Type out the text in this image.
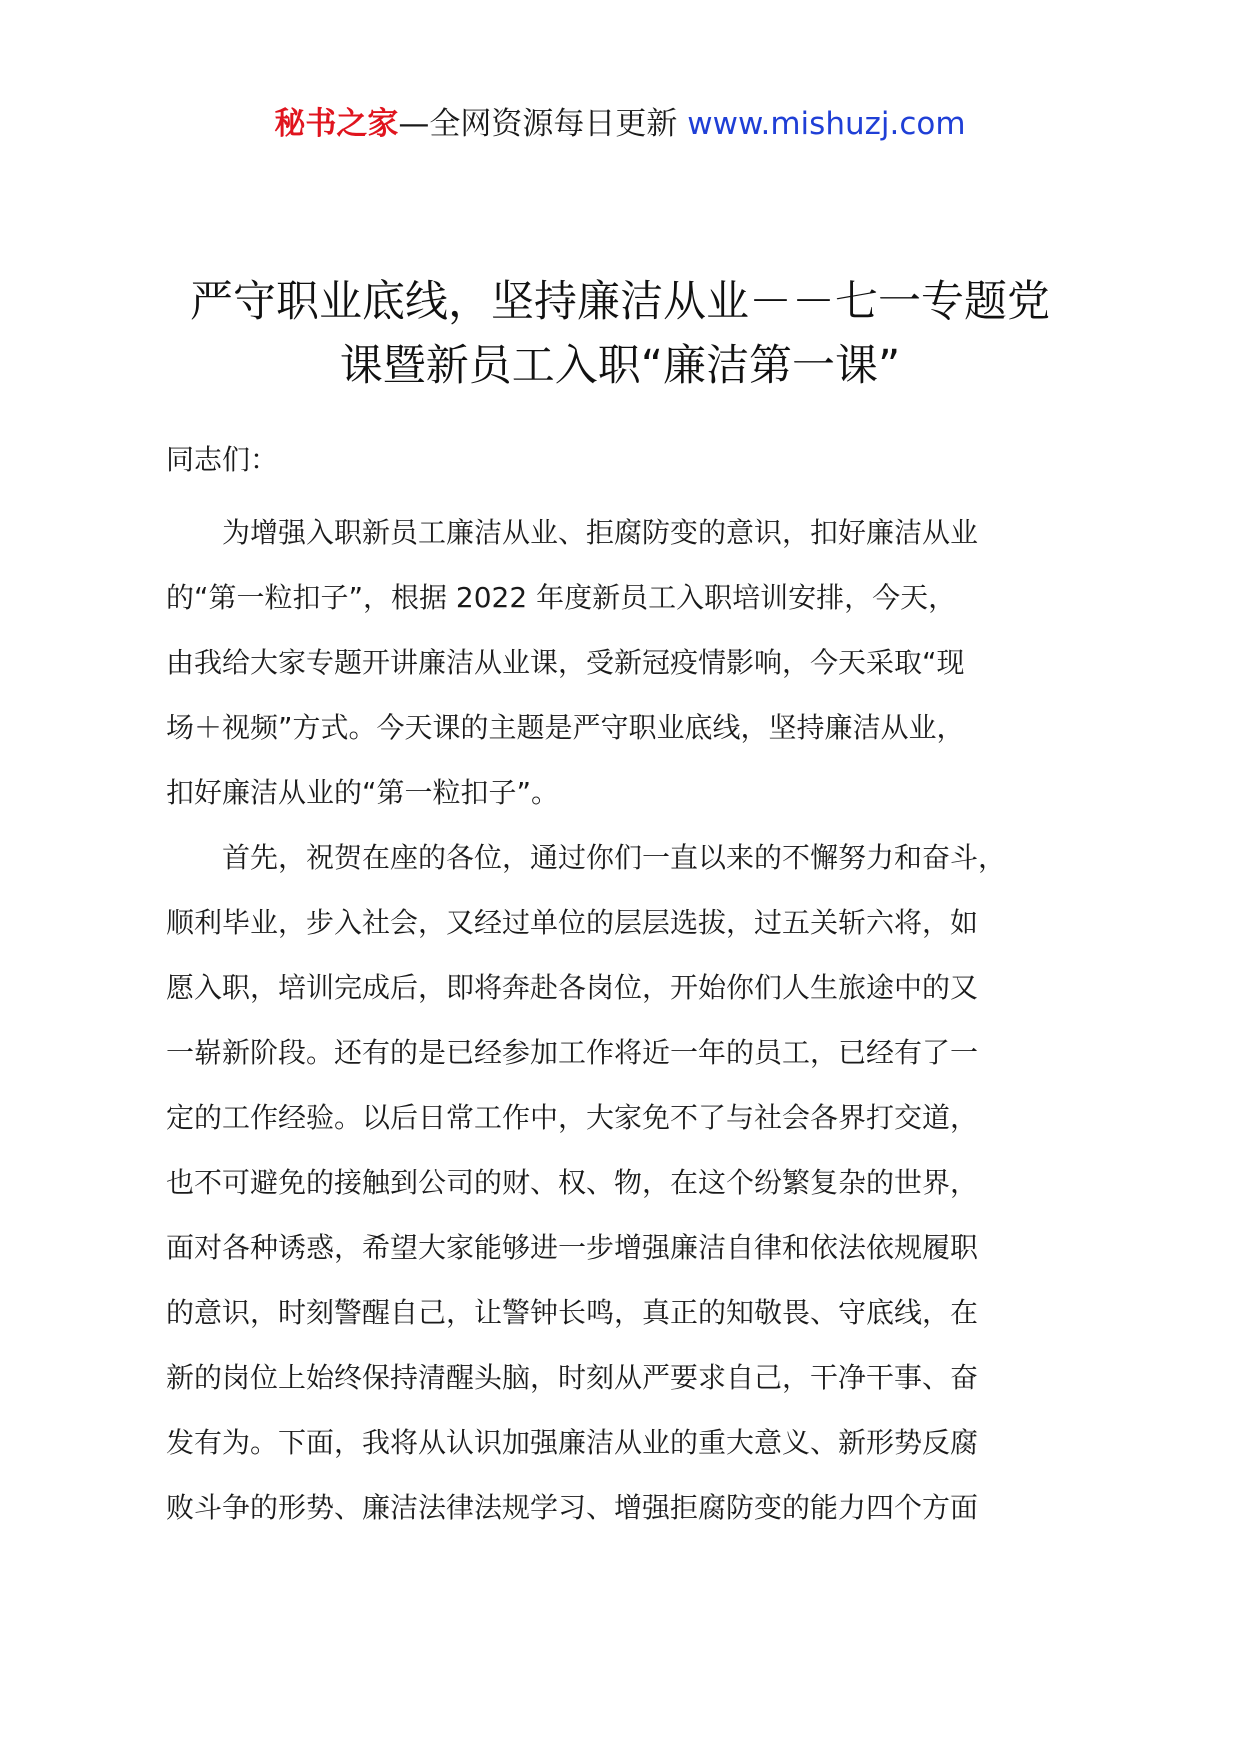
秘书之家—全网资源每日更新 www.mishuzj.com
严守职业底线，坚持廉洁从业－－七一专题党
课暨新员工入职“廉洁第一课”
同志们：

　　为增强入职新员工廉洁从业、拒腐防变的意识，扣好廉洁从业
的“第一粒扣子”，根据 2022 年度新员工入职培训安排，今天，
由我给大家专题开讲廉洁从业课，受新冠疫情影响，今天采取“现
场＋视频”方式。今天课的主题是严守职业底线，坚持廉洁从业，
扣好廉洁从业的“第一粒扣子”。

　　首先，祝贺在座的各位，通过你们一直以来的不懈努力和奋斗，
顺利毕业，步入社会，又经过单位的层层选拔，过五关斩六将，如
愿入职，培训完成后，即将奔赴各岗位，开始你们人生旅途中的又
一崭新阶段。还有的是已经参加工作将近一年的员工，已经有了一
定的工作经验。以后日常工作中，大家免不了与社会各界打交道，
也不可避免的接触到公司的财、权、物，在这个纷繁复杂的世界，
面对各种诱惑，希望大家能够进一步增强廉洁自律和依法依规履职
的意识，时刻警醒自己，让警钟长鸣，真正的知敬畏、守底线，在
新的岗位上始终保持清醒头脑，时刻从严要求自己，干净干事、奋
发有为。下面，我将从认识加强廉洁从业的重大意义、新形势反腐
败斗争的形势、廉洁法律法规学习、增强拒腐防变的能力四个方面
